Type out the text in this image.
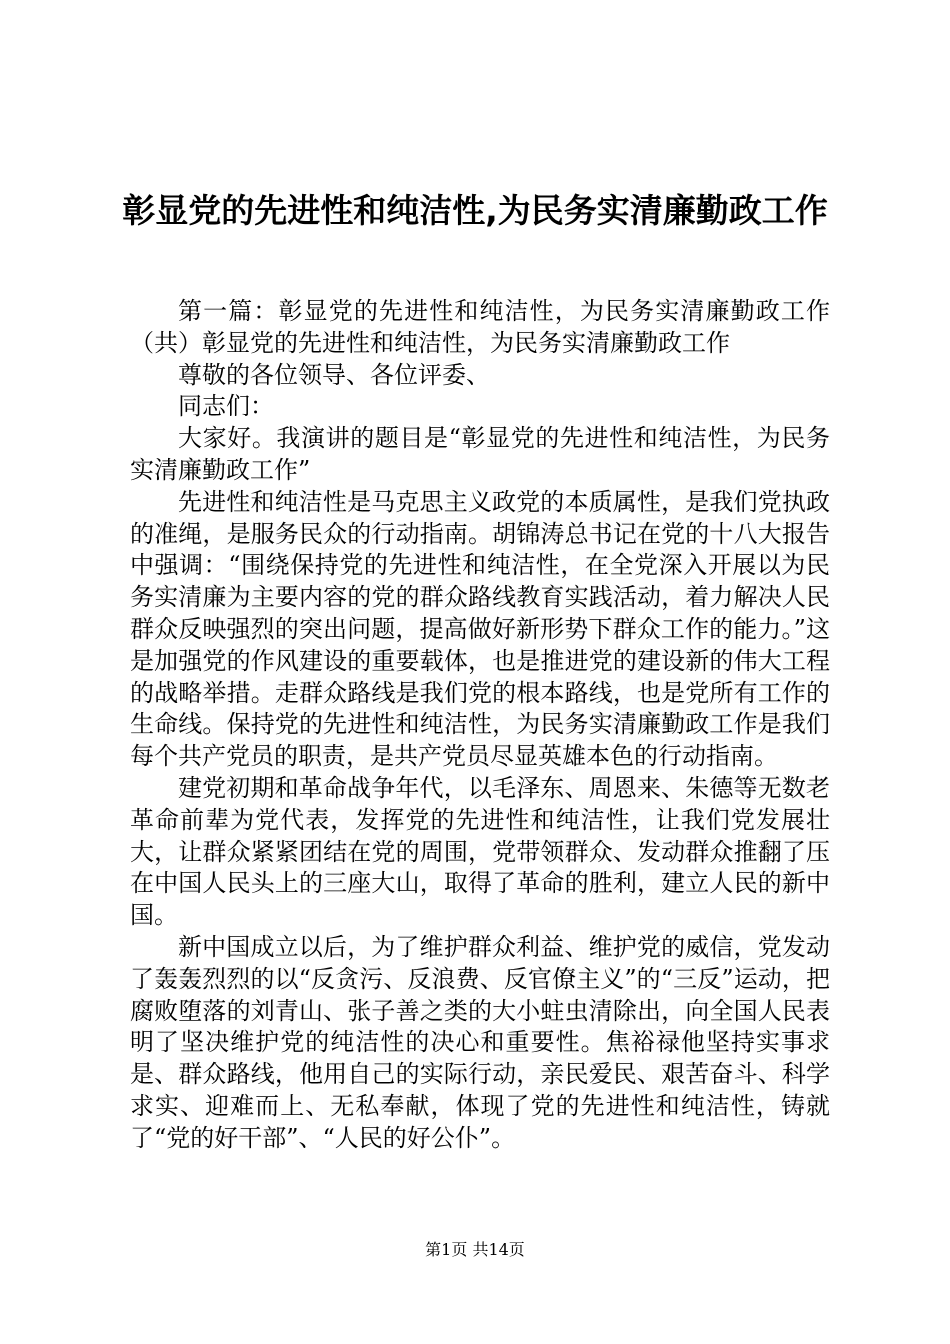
彰显党的先进性和纯洁性,为民务实清廉勤政工作

第一篇：彰显党的先进性和纯洁性，为民务实清廉勤政工作（共）彰显党的先进性和纯洁性，为民务实清廉勤政工作

尊敬的各位领导、各位评委、

同志们：

大家好。我演讲的题目是“彰显党的先进性和纯洁性，为民务实清廉勤政工作”

先进性和纯洁性是马克思主义政党的本质属性，是我们党执政的准绳，是服务民众的行动指南。胡锦涛总书记在党的十八大报告中强调：“围绕保持党的先进性和纯洁性，在全党深入开展以为民务实清廉为主要内容的党的群众路线教育实践活动，着力解决人民群众反映强烈的突出问题，提高做好新形势下群众工作的能力。”这是加强党的作风建设的重要载体，也是推进党的建设新的伟大工程的战略举措。走群众路线是我们党的根本路线，也是党所有工作的生命线。保持党的先进性和纯洁性，为民务实清廉勤政工作是我们每个共产党员的职责，是共产党员尽显英雄本色的行动指南。

建党初期和革命战争年代，以毛泽东、周恩来、朱德等无数老革命前辈为党代表，发挥党的先进性和纯洁性，让我们党发展壮大，让群众紧紧团结在党的周围，党带领群众、发动群众推翻了压在中国人民头上的三座大山，取得了革命的胜利，建立人民的新中国。

新中国成立以后，为了维护群众利益、维护党的威信，党发动了轰轰烈烈的以“反贪污、反浪费、反官僚主义”的“三反”运动，把腐败堕落的刘青山、张子善之类的大小蛀虫清除出，向全国人民表明了坚决维护党的纯洁性的决心和重要性。焦裕禄他坚持实事求是、群众路线，他用自己的实际行动，亲民爱民、艰苦奋斗、科学求实、迎难而上、无私奉献，体现了党的先进性和纯洁性，铸就了“党的好干部”、“人民的好公仆”。

第1页 共14页
